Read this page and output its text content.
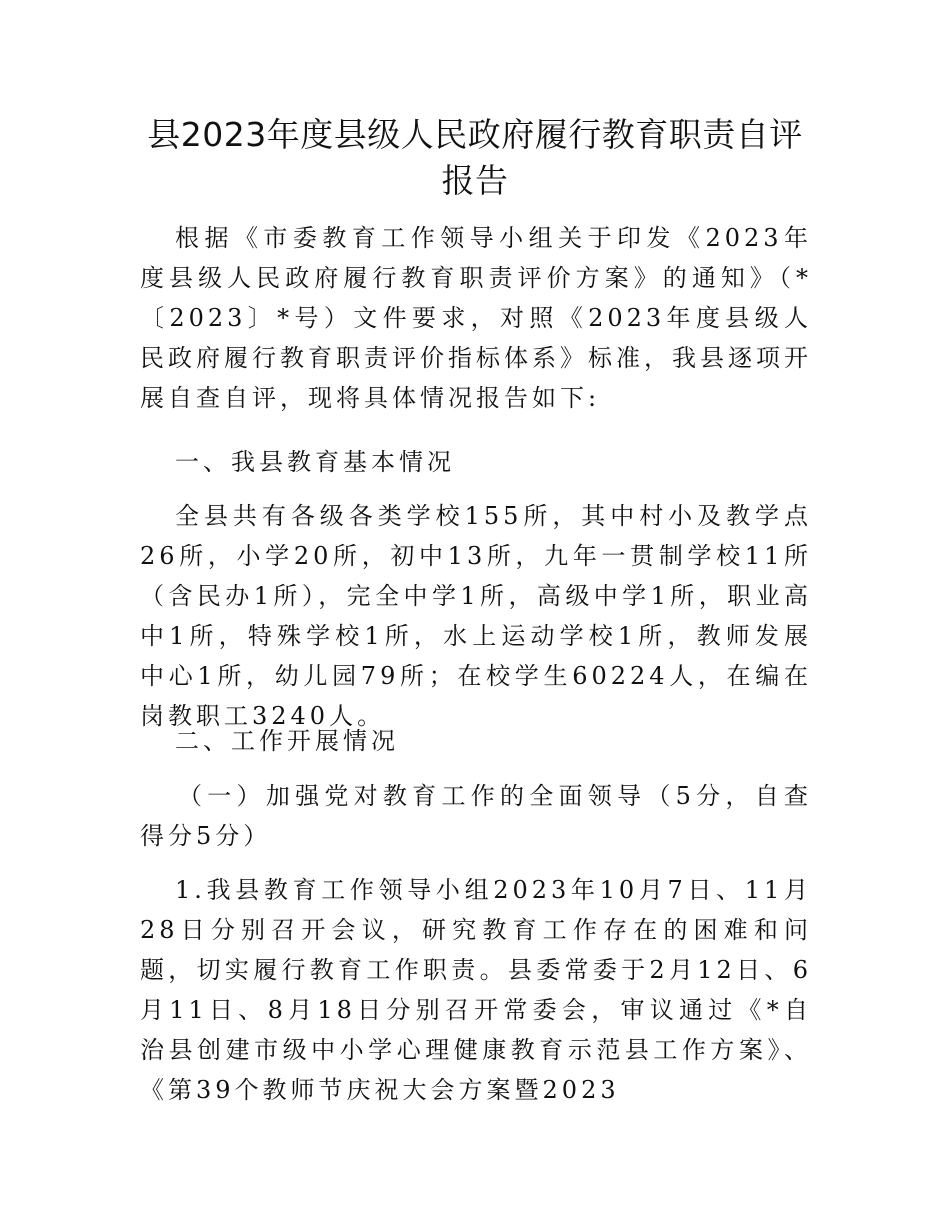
县2023年度县级人民政府履行教育职责自评报告

根据《市委教育工作领导小组关于印发《2023年度县级人民政府履行教育职责评价方案》的通知》（*〔2023〕*号）文件要求，对照《2023年度县级人民政府履行教育职责评价指标体系》标准，我县逐项开展自查自评，现将具体情况报告如下:

一、我县教育基本情况

全县共有各级各类学校155所，其中村小及教学点26所，小学20所，初中13所，九年一贯制学校11所（含民办1所），完全中学1所，高级中学1所，职业高中1所，特殊学校1所，水上运动学校1所，教师发展中心1所，幼儿园79所；在校学生60224人，在编在岗教职工3240人。

二、工作开展情况

（一）加强党对教育工作的全面领导（5分，自查得分5分）

1.我县教育工作领导小组2023年10月7日、11月28日分别召开会议，研究教育工作存在的困难和问题，切实履行教育工作职责。县委常委于2月12日、6月11日、8月18日分别召开常委会，审议通过《*自治县创建市级中小学心理健康教育示范县工作方案》、《第39个教师节庆祝大会方案暨2023
